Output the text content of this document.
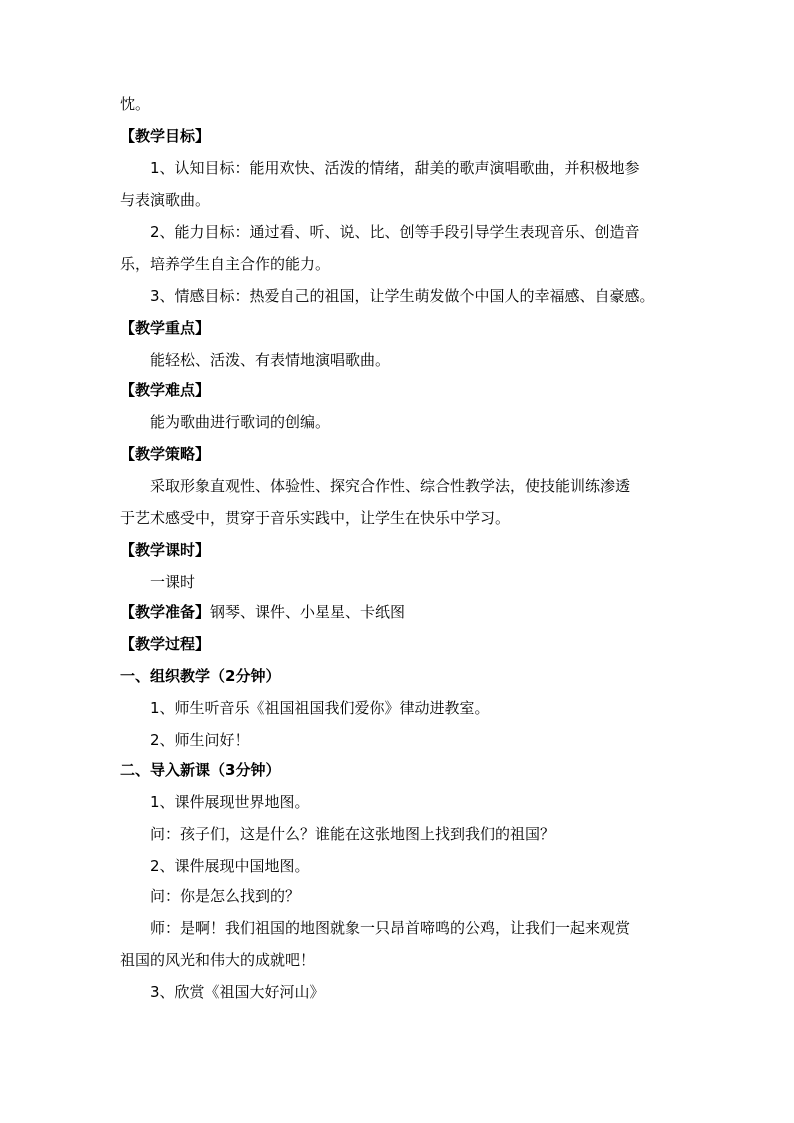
忱。
【教学目标】
1、认知目标：能用欢快、活泼的情绪，甜美的歌声演唱歌曲，并积极地参
与表演歌曲。
2、能力目标：通过看、听、说、比、创等手段引导学生表现音乐、创造音
乐，培养学生自主合作的能力。
3、情感目标：热爱自己的祖国，让学生萌发做个中国人的幸福感、自豪感。
【教学重点】
能轻松、活泼、有表情地演唱歌曲。
【教学难点】
能为歌曲进行歌词的创编。
【教学策略】
采取形象直观性、体验性、探究合作性、综合性教学法，使技能训练渗透
于艺术感受中，贯穿于音乐实践中，让学生在快乐中学习。
【教学课时】
一课时
【教学准备】钢琴、课件、小星星、卡纸图
【教学过程】
一、组织教学（2分钟）
1、师生听音乐《祖国祖国我们爱你》律动进教室。
2、师生问好！
二、导入新课（3分钟）
1、课件展现世界地图。
问：孩子们，这是什么？谁能在这张地图上找到我们的祖国？
2、课件展现中国地图。
问：你是怎么找到的？
师：是啊！我们祖国的地图就象一只昂首啼鸣的公鸡，让我们一起来观赏
祖国的风光和伟大的成就吧！
3、欣赏《祖国大好河山》
